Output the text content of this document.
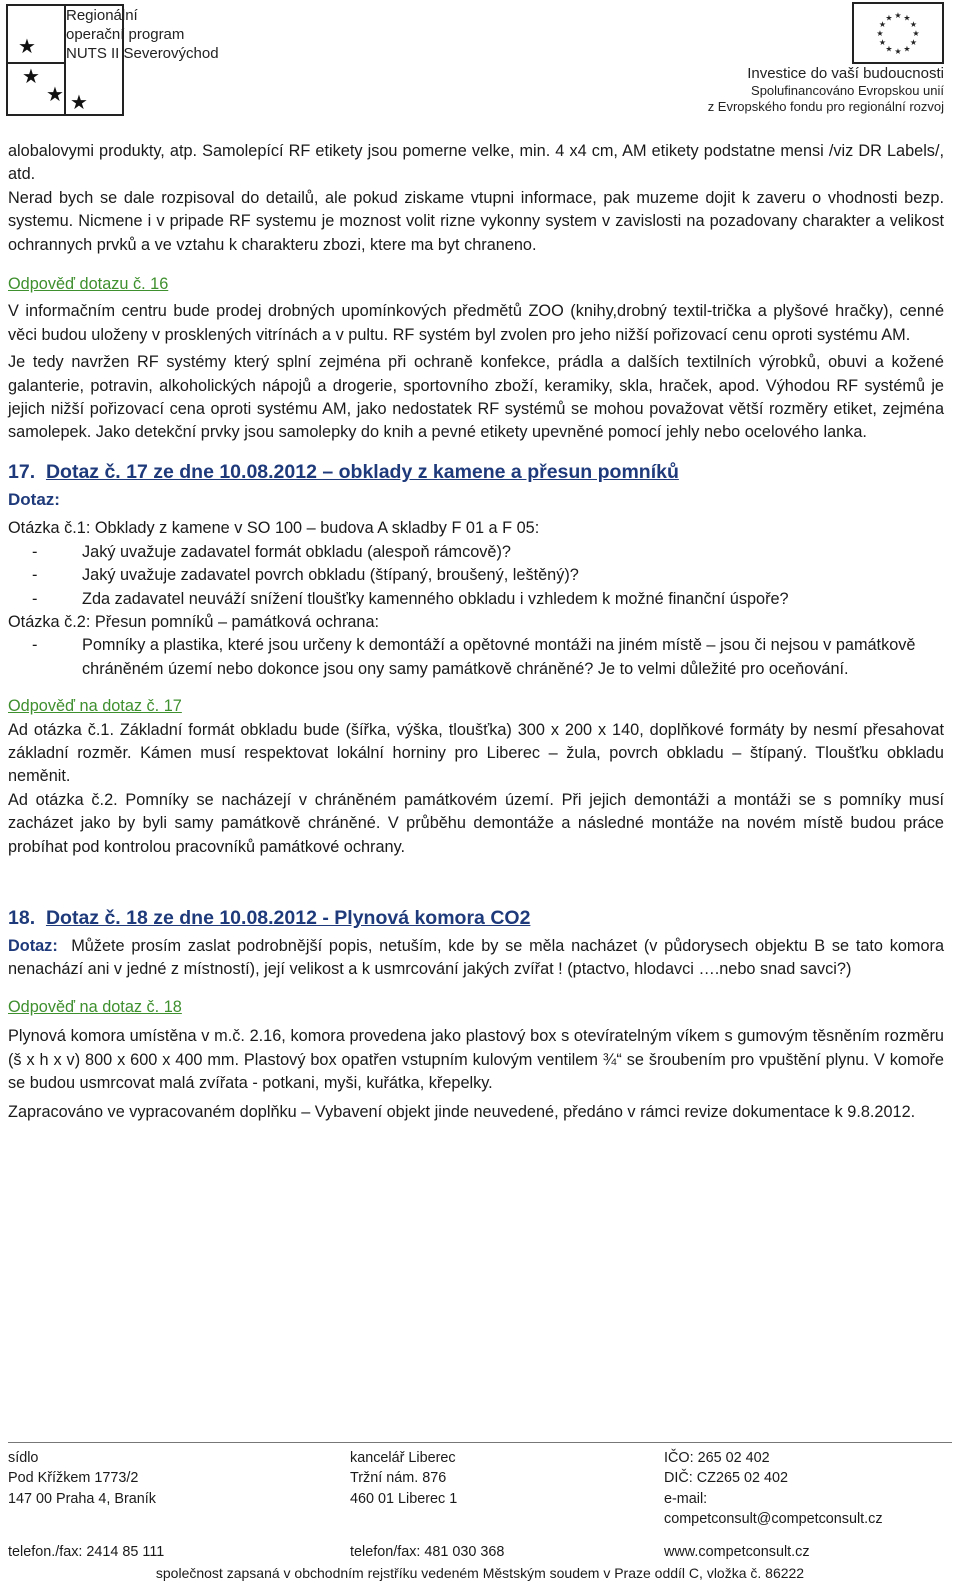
★
★
★ ★
Regionální
operační program
NUTS II Severovýchod
★ ★
★
★
★
★
★
★
★
★
★
★
Investice do vaší budoucnosti
Spolufinancováno Evropskou unií
z Evropského fondu pro regionální rozvoj

alobalovymi produkty, atp. Samolepící RF etikety jsou pomerne velke, min. 4 x4 cm, AM etikety podstatne mensi /viz DR Labels/, atd.

Nerad bych se dale rozpisoval do detailů, ale pokud ziskame vtupni informace, pak muzeme dojit k zaveru o vhodnosti bezp. systemu. Nicmene i v pripade RF systemu je moznost volit rizne vykonny system v zavislosti na pozadovany charakter a velikost ochrannych prvků a ve vztahu k charakteru zbozi, ktere ma byt chraneno.

Odpověď dotazu č. 16

V informačním centru bude prodej drobných upomínkových předmětů ZOO (knihy,drobný textil-trička a plyšové hračky), cenné věci budou uloženy v prosklených vitrínách a v pultu. RF systém byl zvolen pro jeho nižší pořizovací cenu oproti systému AM.

Je tedy navržen RF systémy který splní zejména při ochraně konfekce, prádla a dalších textilních výrobků, obuvi a kožené galanterie, potravin, alkoholických nápojů a drogerie, sportovního zboží, keramiky, skla, hraček, apod. Výhodou RF systémů je jejich nižší pořizovací cena oproti systému AM, jako nedostatek RF systémů se mohou považovat větší rozměry etiket, zejména samolepek. Jako detekční prvky jsou samolepky do knih a pevné etikety upevněné pomocí jehly nebo ocelového lanka.

17. Dotaz č. 17 ze dne 10.08.2012 – obklady z kamene a přesun pomníků
Dotaz:

Otázka č.1: Obklady z kamene v SO 100 – budova A skladby F 01 a F 05:

- Jaký uvažuje zadavatel formát obkladu (alespoň rámcově)?
- Jaký uvažuje zadavatel povrch obkladu (štípaný, broušený, leštěný)?
- Zda zadavatel neuváží snížení tloušťky kamenného obkladu i vzhledem k možné finanční úspoře?

Otázka č.2: Přesun pomníků – památková ochrana:

- Pomníky a plastika, které jsou určeny k demontáží a opětovné montáži na jiném místě – jsou či nejsou v památkově chráněném území nebo dokonce jsou ony samy památkově chráněné? Je to velmi důležité pro oceňování.

Odpověď na dotaz č. 17

Ad otázka č.1. Základní formát obkladu bude (šířka, výška, tloušťka) 300 x 200 x 140, doplňkové formáty by nesmí přesahovat základní rozměr. Kámen musí respektovat lokální horniny pro Liberec – žula, povrch obkladu – štípaný. Tloušťku obkladu neměnit.

Ad otázka č.2. Pomníky se nacházejí v chráněném památkovém území. Při jejich demontáži a montáži se s pomníky musí zacházet jako by byli samy památkově chráněné. V průběhu demontáže a následné montáže na novém místě budou práce probíhat pod kontrolou pracovníků památkové ochrany.

18. Dotaz č. 18 ze dne 10.08.2012 - Plynová komora CO2

Dotaz: Můžete prosím zaslat podrobnější popis, netuším, kde by se měla nacházet (v půdorysech objektu B se tato komora nenachází ani v jedné z místností), její velikost a k usmrcování jakých zvířat ! (ptactvo, hlodavci ….nebo snad savci?)

Odpověď na dotaz č. 18

Plynová komora umístěna v m.č. 2.16, komora provedena jako plastový box s otevíratelným víkem s gumovým těsněním rozměru (š x h x v) 800 x 600 x 400 mm. Plastový box opatřen vstupním kulovým ventilem ¾“ se šroubením pro vpuštění plynu. V komoře se budou usmrcovat malá zvířata - potkani, myši, kuřátka, křepelky.

Zapracováno ve vypracovaném doplňku – Vybavení objekt jinde neuvedené, předáno v rámci revize dokumentace k 9.8.2012.

sídlo
Pod Křížkem 1773/2
147 00 Praha 4, Braník
kancelář Liberec
Tržní nám. 876
460 01 Liberec 1
IČO: 265 02 402
DIČ: CZ265 02 402
e-mail:
competconsult@competconsult.cz
telefon./fax: 2414 85 111	telefon/fax: 481 030 368	www.competconsult.cz
společnost zapsaná v obchodním rejstříku vedeném Městským soudem v Praze oddíl C, vložka č. 86222
